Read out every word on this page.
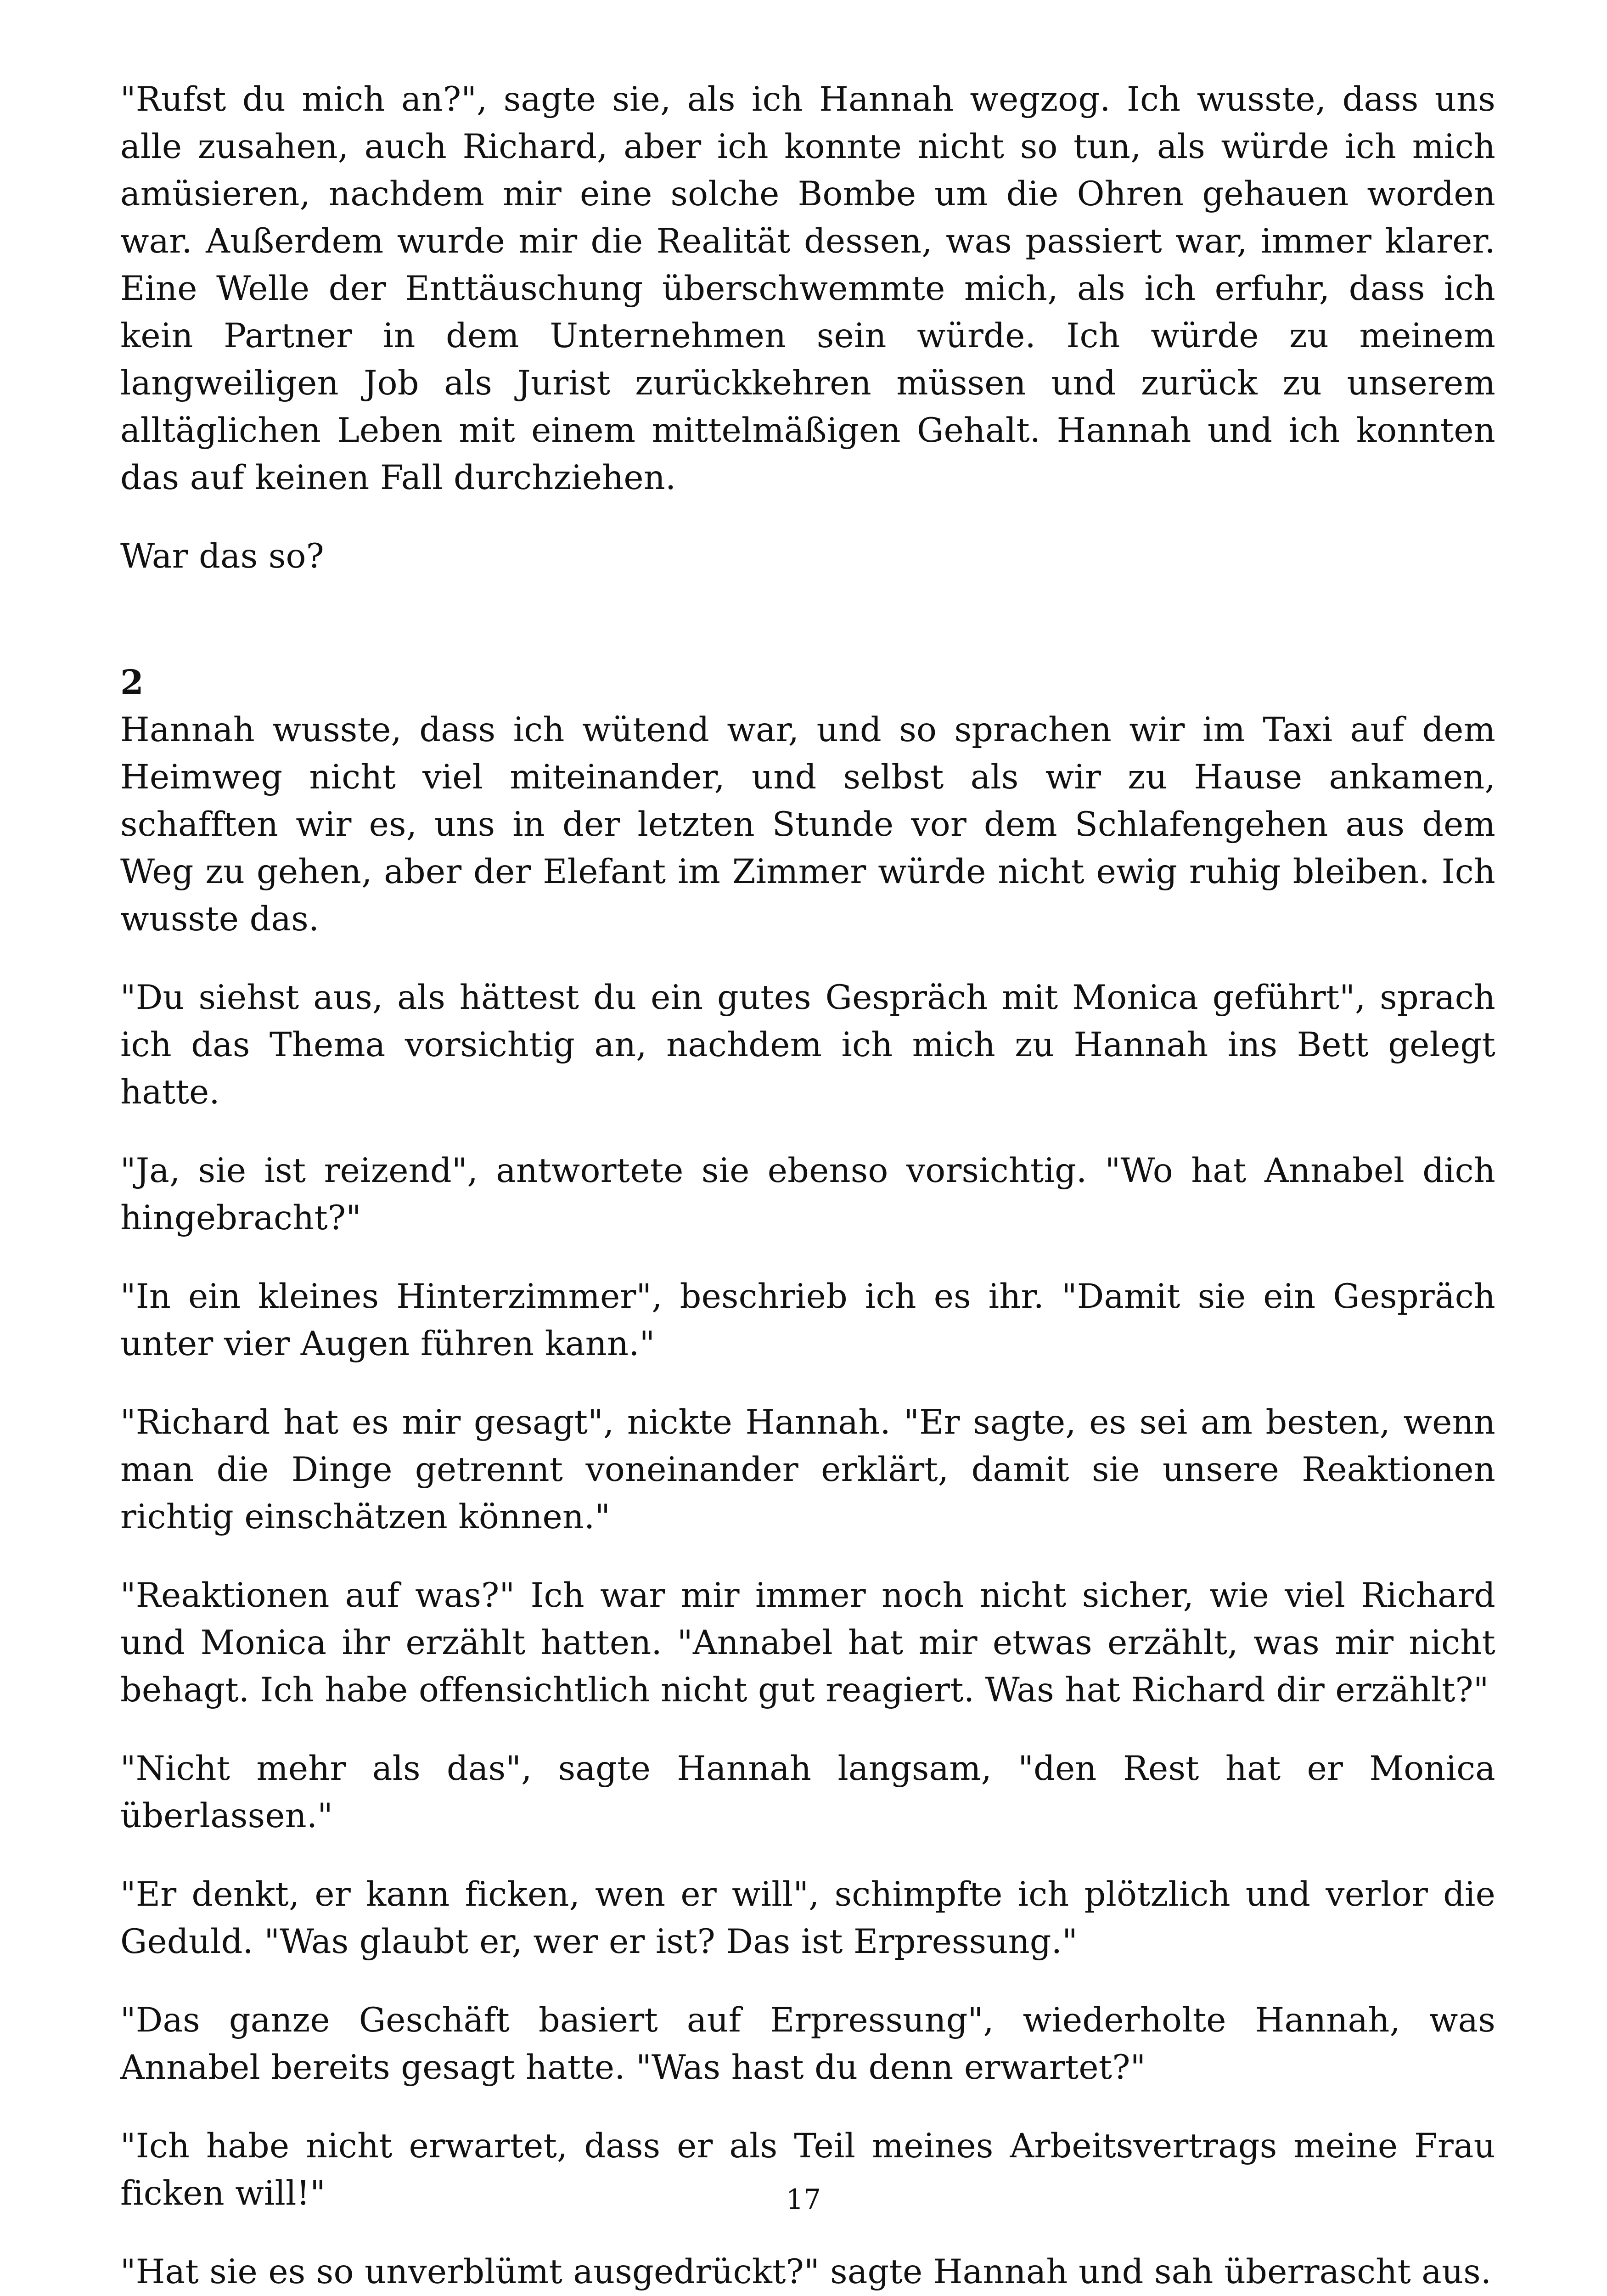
"Rufst du mich an?", sagte sie, als ich Hannah wegzog. Ich wusste, dass uns alle zusahen, auch Richard, aber ich konnte nicht so tun, als würde ich mich amüsieren, nachdem mir eine solche Bombe um die Ohren gehauen worden war. Außerdem wurde mir die Realität dessen, was passiert war, immer klarer. Eine Welle der Enttäuschung überschwemmte mich, als ich erfuhr, dass ich kein Partner in dem Unternehmen sein würde. Ich würde zu meinem langweiligen Job als Jurist zurückkehren müssen und zurück zu unserem alltäglichen Leben mit einem mittelmäßigen Gehalt. Hannah und ich konnten das auf keinen Fall durchziehen.

War das so?

2

Hannah wusste, dass ich wütend war, und so sprachen wir im Taxi auf dem Heimweg nicht viel miteinander, und selbst als wir zu Hause ankamen, schafften wir es, uns in der letzten Stunde vor dem Schlafengehen aus dem Weg zu gehen, aber der Elefant im Zimmer würde nicht ewig ruhig bleiben. Ich wusste das.

"Du siehst aus, als hättest du ein gutes Gespräch mit Monica geführt", sprach ich das Thema vorsichtig an, nachdem ich mich zu Hannah ins Bett gelegt hatte.

"Ja, sie ist reizend", antwortete sie ebenso vorsichtig. "Wo hat Annabel dich hingebracht?"

"In ein kleines Hinterzimmer", beschrieb ich es ihr. "Damit sie ein Gespräch unter vier Augen führen kann."

"Richard hat es mir gesagt", nickte Hannah. "Er sagte, es sei am besten, wenn man die Dinge getrennt voneinander erklärt, damit sie unsere Reaktionen richtig einschätzen können."

"Reaktionen auf was?" Ich war mir immer noch nicht sicher, wie viel Richard und Monica ihr erzählt hatten. "Annabel hat mir etwas erzählt, was mir nicht behagt. Ich habe offensichtlich nicht gut reagiert. Was hat Richard dir erzählt?"

"Nicht mehr als das", sagte Hannah langsam, "den Rest hat er Monica überlassen."

"Er denkt, er kann ficken, wen er will", schimpfte ich plötzlich und verlor die Geduld. "Was glaubt er, wer er ist? Das ist Erpressung."

"Das ganze Geschäft basiert auf Erpressung", wiederholte Hannah, was Annabel bereits gesagt hatte. "Was hast du denn erwartet?"

"Ich habe nicht erwartet, dass er als Teil meines Arbeitsvertrags meine Frau ficken will!"

"Hat sie es so unverblümt ausgedrückt?" sagte Hannah und sah überrascht aus.

17
